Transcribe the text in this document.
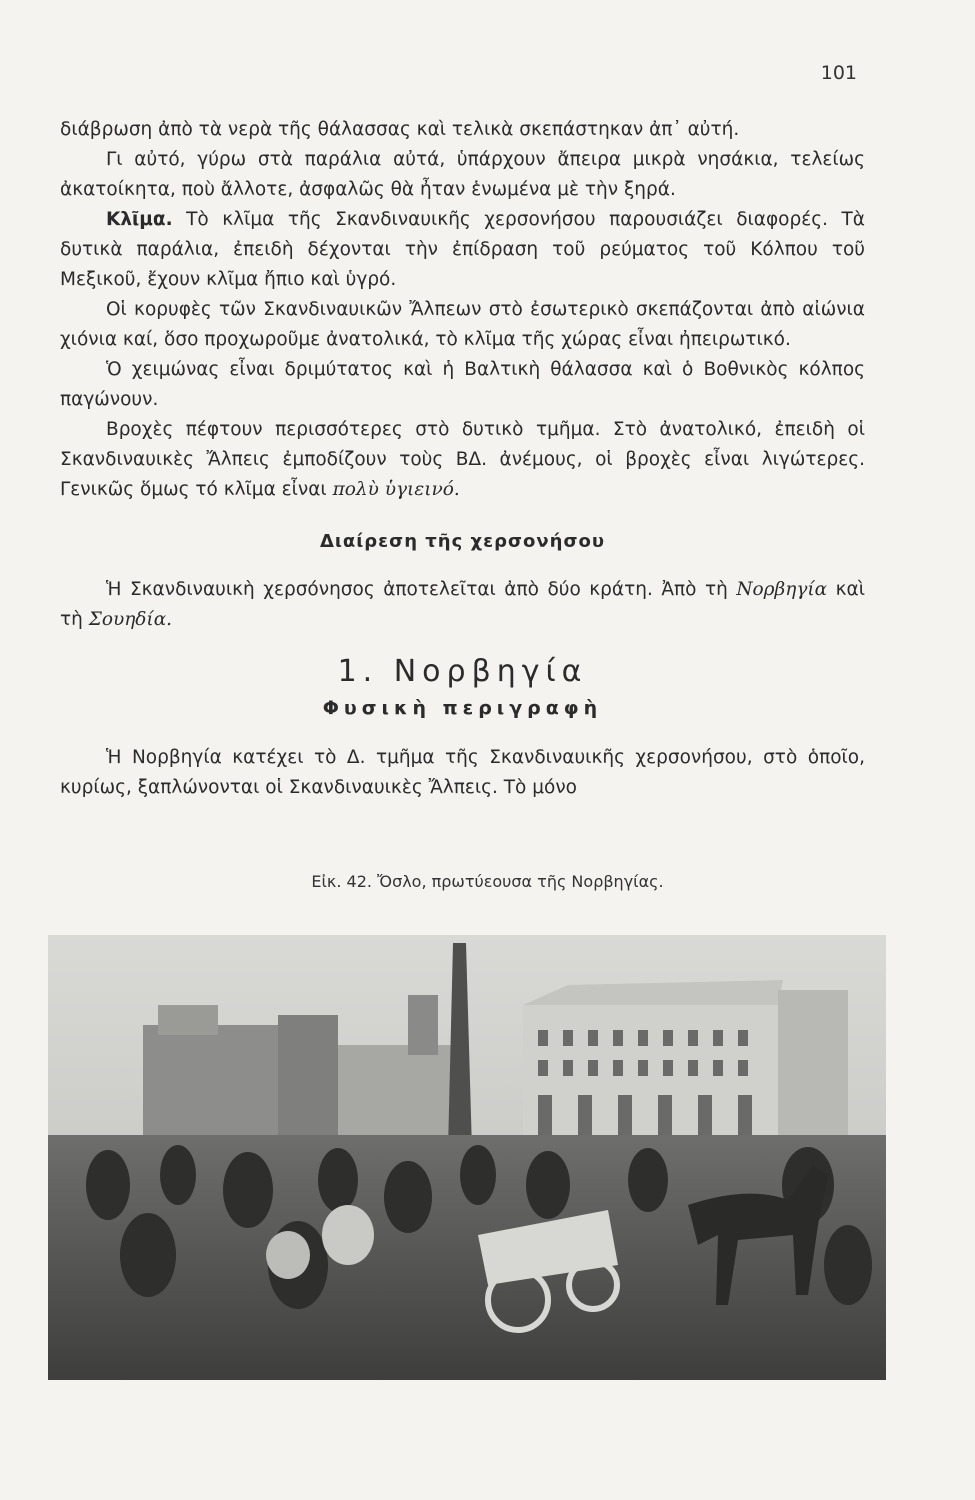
101

διάβρωση ἀπὸ τὰ νερὰ τῆς θάλασσας καὶ τελικὰ σκεπάστηκαν ἀπ᾽ αὐτή.

Γι αὐτό, γύρω στὰ παράλια αὐτά, ὑπάρχουν ἄπειρα μικρὰ νησάκια, τελείως ἀκατοίκητα, ποὺ ἄλλοτε, ἀσφαλῶς θὰ ἦταν ἑνωμένα μὲ τὴν ξηρά.

Κλῖμα. Τὸ κλῖμα τῆς Σκανδιναυικῆς χερσονήσου παρουσιάζει διαφορές. Τὰ δυτικὰ παράλια, ἐπειδὴ δέχονται τὴν ἐπίδραση τοῦ ρεύματος τοῦ Κόλπου τοῦ Μεξικοῦ, ἔχουν κλῖμα ἤπιο καὶ ὑγρό.

Οἱ κορυφὲς τῶν Σκανδιναυικῶν Ἄλπεων στὸ ἐσωτερικὸ σκεπάζονται ἀπὸ αἰώνια χιόνια καί, ὅσο προχωροῦμε ἀνατολικά, τὸ κλῖμα τῆς χώρας εἶναι ἠπειρωτικό.

Ὁ χειμώνας εἶναι δριμύτατος καὶ ἡ Βαλτικὴ θάλασσα καὶ ὁ Βοθνικὸς κόλπος παγώνουν.

Βροχὲς πέφτουν περισσότερες στὸ δυτικὸ τμῆμα. Στὸ ἀνατολικό, ἐπειδὴ οἱ Σκανδιναυικὲς Ἄλπεις ἐμποδίζουν τοὺς ΒΔ. ἀνέμους, οἱ βροχὲς εἶναι λιγώτερες. Γενικῶς ὅμως τό κλῖμα εἶναι πολὺ ὑγιεινό.

Διαίρεση τῆς χερσονήσου

Ἡ Σκανδιναυικὴ χερσόνησος ἀποτελεῖται ἀπὸ δύο κράτη. Ἀπὸ τὴ Νορβηγία καὶ τὴ Σουηδία.

1. Νορβηγία
Φυσικὴ περιγραφὴ

Ἡ Νορβηγία κατέχει τὸ Δ. τμῆμα τῆς Σκανδιναυικῆς χερσονήσου, στὸ ὁποῖο, κυρίως, ξαπλώνονται οἱ Σκανδιναυικὲς Ἄλπεις. Τὸ μόνο

Εἰκ. 42. Ὄσλο, πρωτύεουσα τῆς Νορβηγίας.
